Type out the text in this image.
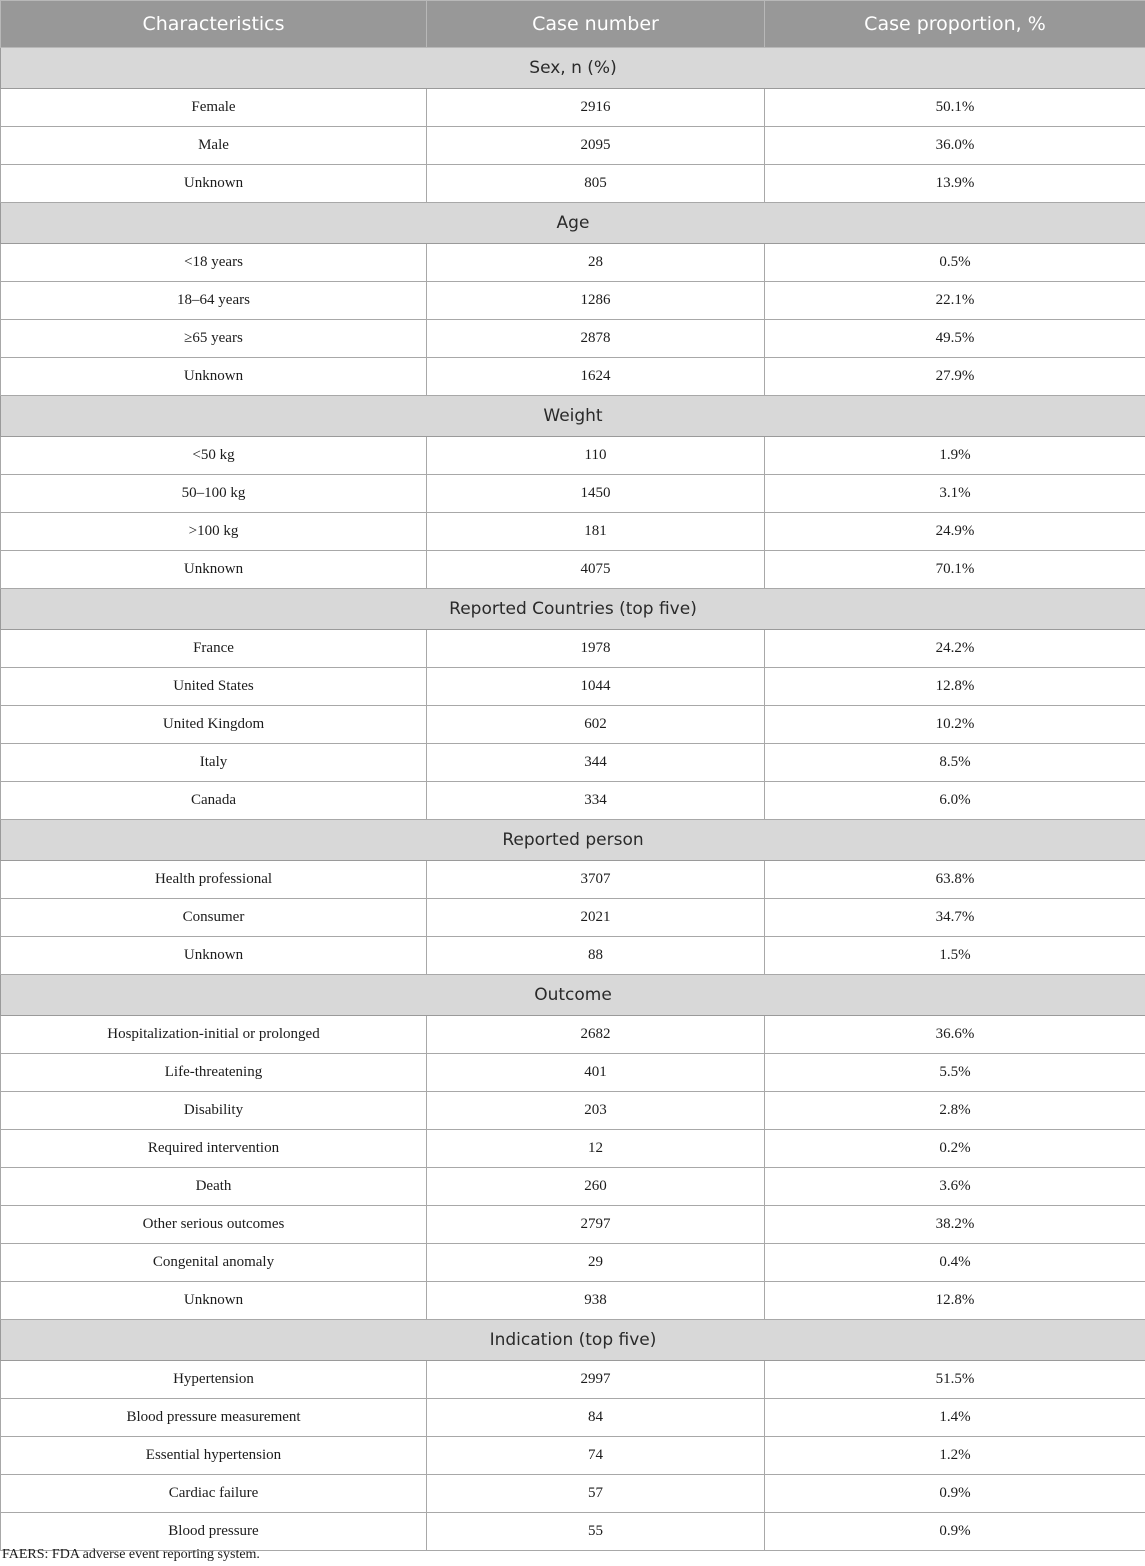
Characteristics	Case number	Case proportion, %
Sex, n (%)		
Female	2916	50.1%
Male	2095	36.0%
Unknown	805	13.9%
Age		
<18 years	28	0.5%
18–64 years	1286	22.1%
≥65 years	2878	49.5%
Unknown	1624	27.9%
Weight		
<50 kg	110	1.9%
50–100 kg	1450	3.1%
>100 kg	181	24.9%
Unknown	4075	70.1%
Reported Countries (top five)		
France	1978	24.2%
United States	1044	12.8%
United Kingdom	602	10.2%
Italy	344	8.5%
Canada	334	6.0%
Reported person		
Health professional	3707	63.8%
Consumer	2021	34.7%
Unknown	88	1.5%
Outcome		
Hospitalization-initial or prolonged	2682	36.6%
Life-threatening	401	5.5%
Disability	203	2.8%
Required intervention	12	0.2%
Death	260	3.6%
Other serious outcomes	2797	38.2%
Congenital anomaly	29	0.4%
Unknown	938	12.8%
Indication (top five)		
Hypertension	2997	51.5%
Blood pressure measurement	84	1.4%
Essential hypertension	74	1.2%
Cardiac failure	57	0.9%
Blood pressure	55	0.9%
FAERS: FDA adverse event reporting system.
